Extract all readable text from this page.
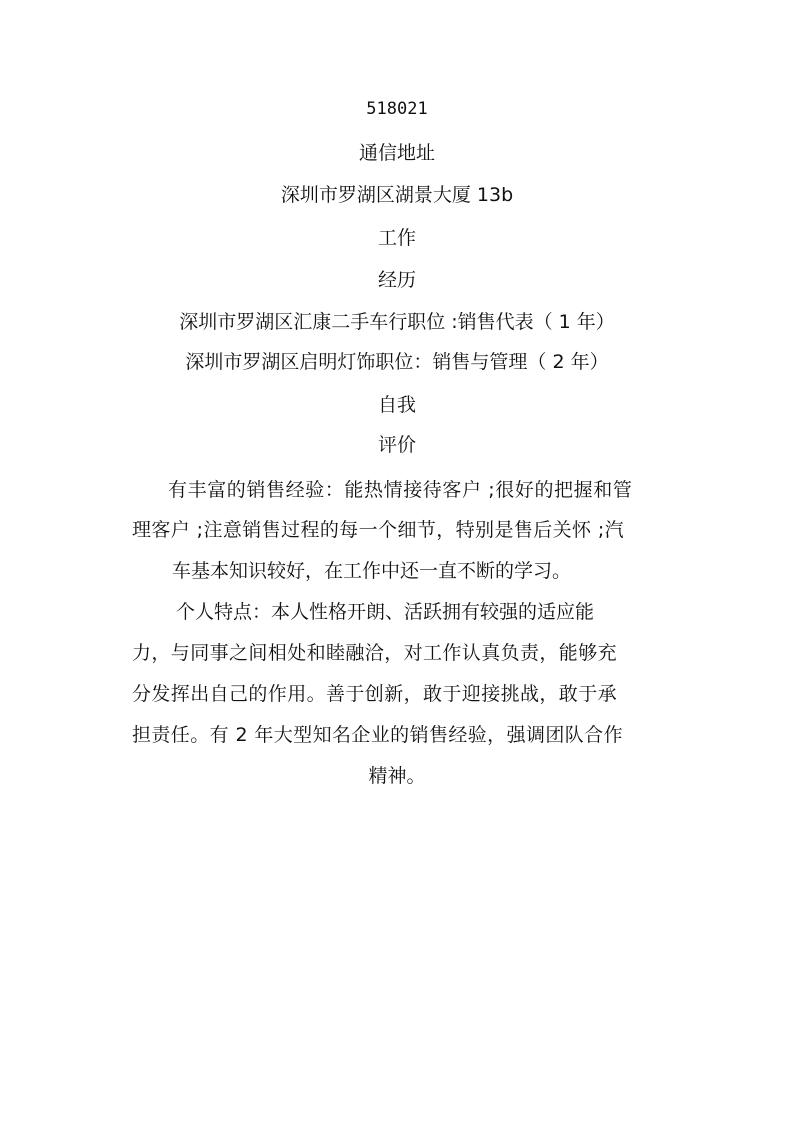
518021
通信地址
深圳市罗湖区湖景大厦 13b
工作
经历
深圳市罗湖区汇康二手车行职位 :销售代表（ 1 年）
深圳市罗湖区启明灯饰职位：销售与管理（ 2 年）
自我
评价
有丰富的销售经验：能热情接待客户 ;很好的把握和管
理客户 ;注意销售过程的每一个细节，特别是售后关怀 ;汽
车基本知识较好，在工作中还一直不断的学习。
个人特点：本人性格开朗、活跃拥有较强的适应能
力，与同事之间相处和睦融洽，对工作认真负责，能够充
分发挥出自己的作用。善于创新，敢于迎接挑战，敢于承
担责任。有 2 年大型知名企业的销售经验，强调团队合作
精神。
